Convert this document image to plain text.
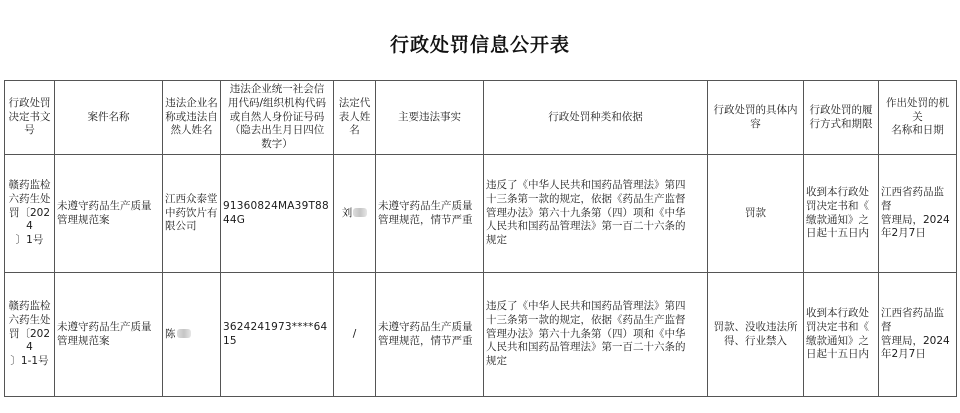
行政处罚信息公开表
行政处罚
决定书文
号	案件名称	违法企业名
称或违法自
然人姓名	违法企业统一社会信
用代码/组织机构代码
或自然人身份证号码
（隐去出生月日四位
数字）	法定代
表人姓
名	主要违法事实	行政处罚种类和依据	行政处罚的具体内
容	行政处罚的履
行方式和期限	作出处罚的机关
名称和日期

赣药监检
六药生处
罚〔2024
〕1号	未遵守药品生产质量
管理规范案	江西众泰堂
中药饮片有
限公司	91360824MA39T8844G	刘	未遵守药品生产质量
管理规范，情节严重	违反了《中华人民共和国药品管理法》第四
十三条第一款的规定，依据《药品生产监督
管理办法》第六十九条第（四）项和《中华
人民共和国药品管理法》第一百二十六条的
规定	罚款	收到本行政处
罚决定书和《
缴款通知》之
日起十五日内	江西省药品监督
管理局，2024
年2月7日

赣药监检
六药生处
罚〔2024
〕1-1号	未遵守药品生产质量
管理规范案	陈	3624241973****6415	/	未遵守药品生产质量
管理规范，情节严重	违反了《中华人民共和国药品管理法》第四
十三条第一款的规定，依据《药品生产监督
管理办法》第六十九条第（四）项和《中华
人民共和国药品管理法》第一百二十六条的
规定	罚款、没收违法所
得、行业禁入	收到本行政处
罚决定书和《
缴款通知》之
日起十五日内	江西省药品监督
管理局，2024
年2月7日
